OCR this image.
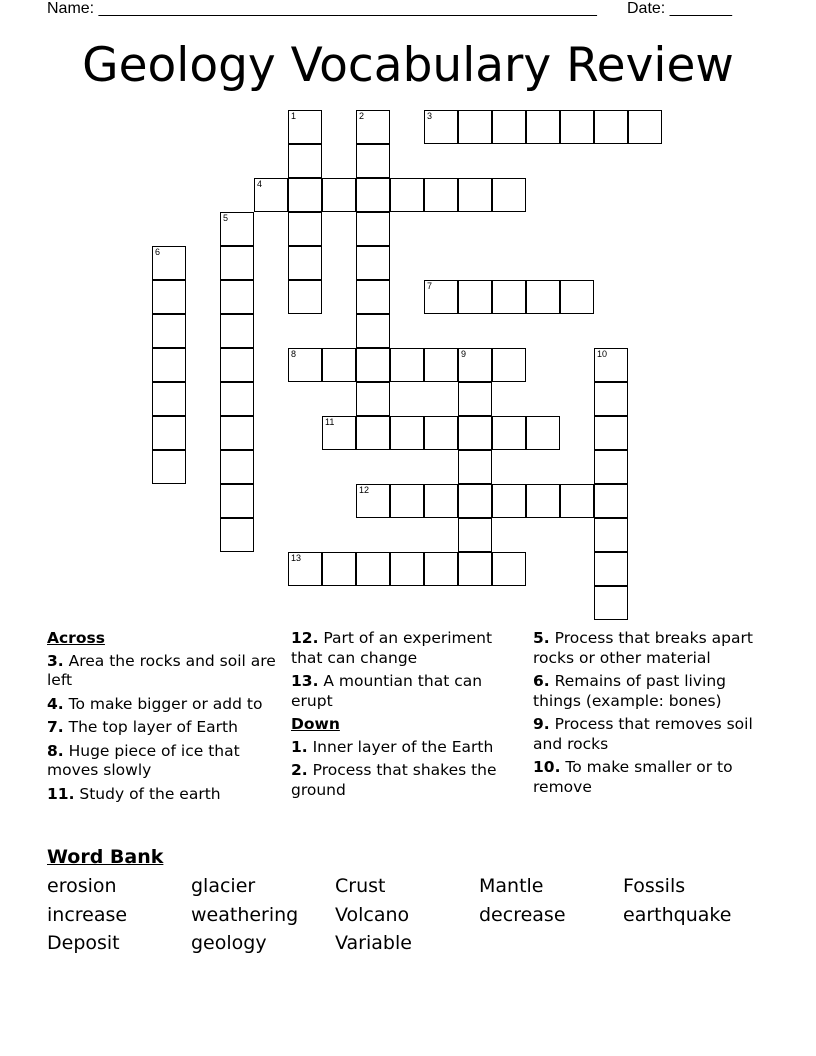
Name: ________________________________________________________ Date: _______
Geology Vocabulary Review
1	2	3
4
5
6
7
8	9	10
11
12
13
Across
3. Area the rocks and soil are left
4. To make bigger or add to
7. The top layer of Earth
8. Huge piece of ice that moves slowly
11. Study of the earth
12. Part of an experiment that can change
13. A mountian that can erupt
Down
1. Inner layer of the Earth
2. Process that shakes the ground
5. Process that breaks apart rocks or other material
6. Remains of past living things (example: bones)
9. Process that removes soil and rocks
10. To make smaller or to remove
Word Bank
erosion	glacier	Crust	Mantle	Fossils
increase	weathering Volcano	decrease	earthquake
Deposit	geology	Variable
